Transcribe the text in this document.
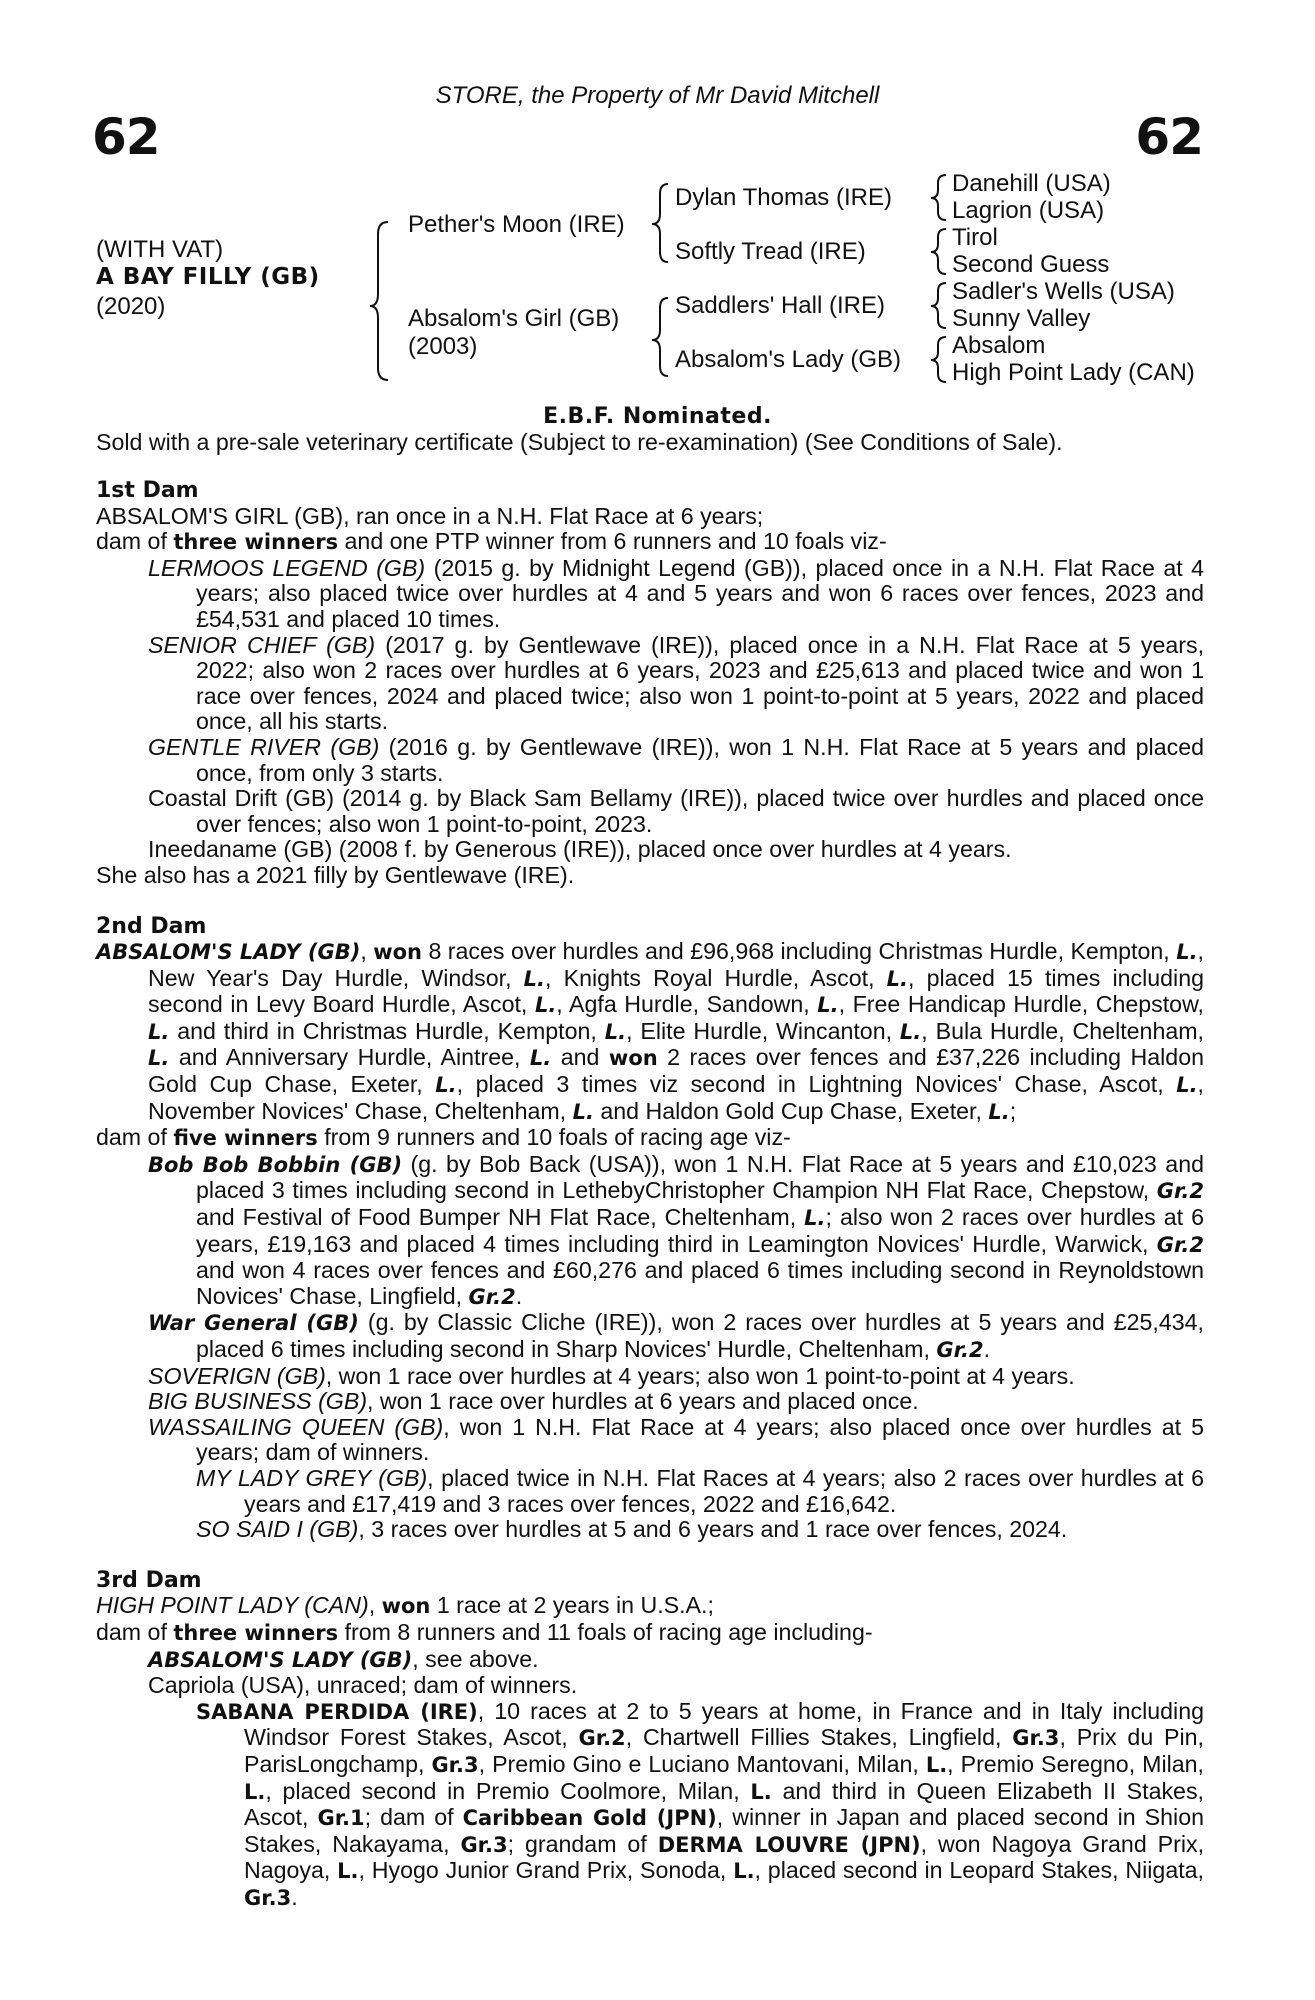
62	62
STORE, the Property of Mr David Mitchell
(WITH VAT)
A BAY FILLY (GB)
(2020)
Pether's Moon (IRE)
Absalom's Girl (GB)
(2003)
Dylan Thomas (IRE)
Softly Tread (IRE)
Saddlers' Hall (IRE)
Absalom's Lady (GB)
Danehill (USA)
Lagrion (USA)
Tirol
Second Guess
Sadler's Wells (USA)
Sunny Valley
Absalom
High Point Lady (CAN)
E.B.F. Nominated.
Sold with a pre-sale veterinary certificate (Subject to re-examination) (See Conditions of Sale).
1st Dam
ABSALOM'S GIRL (GB), ran once in a N.H. Flat Race at 6 years;
dam of three winners and one PTP winner from 6 runners and 10 foals viz-
LERMOOS LEGEND (GB) (2015 g. by Midnight Legend (GB)), placed once in a N.H. Flat Race at 4 years; also placed twice over hurdles at 4 and 5 years and won 6 races over fences, 2023 and £54,531 and placed 10 times.
SENIOR CHIEF (GB) (2017 g. by Gentlewave (IRE)), placed once in a N.H. Flat Race at 5 years, 2022; also won 2 races over hurdles at 6 years, 2023 and £25,613 and placed twice and won 1 race over fences, 2024 and placed twice; also won 1 point-to-point at 5 years, 2022 and placed once, all his starts.
GENTLE RIVER (GB) (2016 g. by Gentlewave (IRE)), won 1 N.H. Flat Race at 5 years and placed once, from only 3 starts.
Coastal Drift (GB) (2014 g. by Black Sam Bellamy (IRE)), placed twice over hurdles and placed once over fences; also won 1 point-to-point, 2023.
Ineedaname (GB) (2008 f. by Generous (IRE)), placed once over hurdles at 4 years.
She also has a 2021 filly by Gentlewave (IRE).
2nd Dam
ABSALOM'S LADY (GB), won 8 races over hurdles and £96,968 including Christmas Hurdle, Kempton, L., New Year's Day Hurdle, Windsor, L., Knights Royal Hurdle, Ascot, L., placed 15 times including second in Levy Board Hurdle, Ascot, L., Agfa Hurdle, Sandown, L., Free Handicap Hurdle, Chepstow, L. and third in Christmas Hurdle, Kempton, L., Elite Hurdle, Wincanton, L., Bula Hurdle, Cheltenham, L. and Anniversary Hurdle, Aintree, L. and won 2 races over fences and £37,226 including Haldon Gold Cup Chase, Exeter, L., placed 3 times viz second in Lightning Novices' Chase, Ascot, L., November Novices' Chase, Cheltenham, L. and Haldon Gold Cup Chase, Exeter, L.;
dam of five winners from 9 runners and 10 foals of racing age viz-
Bob Bob Bobbin (GB) (g. by Bob Back (USA)), won 1 N.H. Flat Race at 5 years and £10,023 and placed 3 times including second in LethebyChristopher Champion NH Flat Race, Chepstow, Gr.2 and Festival of Food Bumper NH Flat Race, Cheltenham, L.; also won 2 races over hurdles at 6 years, £19,163 and placed 4 times including third in Leamington Novices' Hurdle, Warwick, Gr.2 and won 4 races over fences and £60,276 and placed 6 times including second in Reynoldstown Novices' Chase, Lingfield, Gr.2.
War General (GB) (g. by Classic Cliche (IRE)), won 2 races over hurdles at 5 years and £25,434, placed 6 times including second in Sharp Novices' Hurdle, Cheltenham, Gr.2.
SOVERIGN (GB), won 1 race over hurdles at 4 years; also won 1 point-to-point at 4 years.
BIG BUSINESS (GB), won 1 race over hurdles at 6 years and placed once.
WASSAILING QUEEN (GB), won 1 N.H. Flat Race at 4 years; also placed once over hurdles at 5 years; dam of winners.
MY LADY GREY (GB), placed twice in N.H. Flat Races at 4 years; also 2 races over hurdles at 6 years and £17,419 and 3 races over fences, 2022 and £16,642.
SO SAID I (GB), 3 races over hurdles at 5 and 6 years and 1 race over fences, 2024.
3rd Dam
HIGH POINT LADY (CAN), won 1 race at 2 years in U.S.A.;
dam of three winners from 8 runners and 11 foals of racing age including-
ABSALOM'S LADY (GB), see above.
Capriola (USA), unraced; dam of winners.
SABANA PERDIDA (IRE), 10 races at 2 to 5 years at home, in France and in Italy including Windsor Forest Stakes, Ascot, Gr.2, Chartwell Fillies Stakes, Lingfield, Gr.3, Prix du Pin, ParisLongchamp, Gr.3, Premio Gino e Luciano Mantovani, Milan, L., Premio Seregno, Milan, L., placed second in Premio Coolmore, Milan, L. and third in Queen Elizabeth II Stakes, Ascot, Gr.1; dam of Caribbean Gold (JPN), winner in Japan and placed second in Shion Stakes, Nakayama, Gr.3; grandam of DERMA LOUVRE (JPN), won Nagoya Grand Prix, Nagoya, L., Hyogo Junior Grand Prix, Sonoda, L., placed second in Leopard Stakes, Niigata, Gr.3.
